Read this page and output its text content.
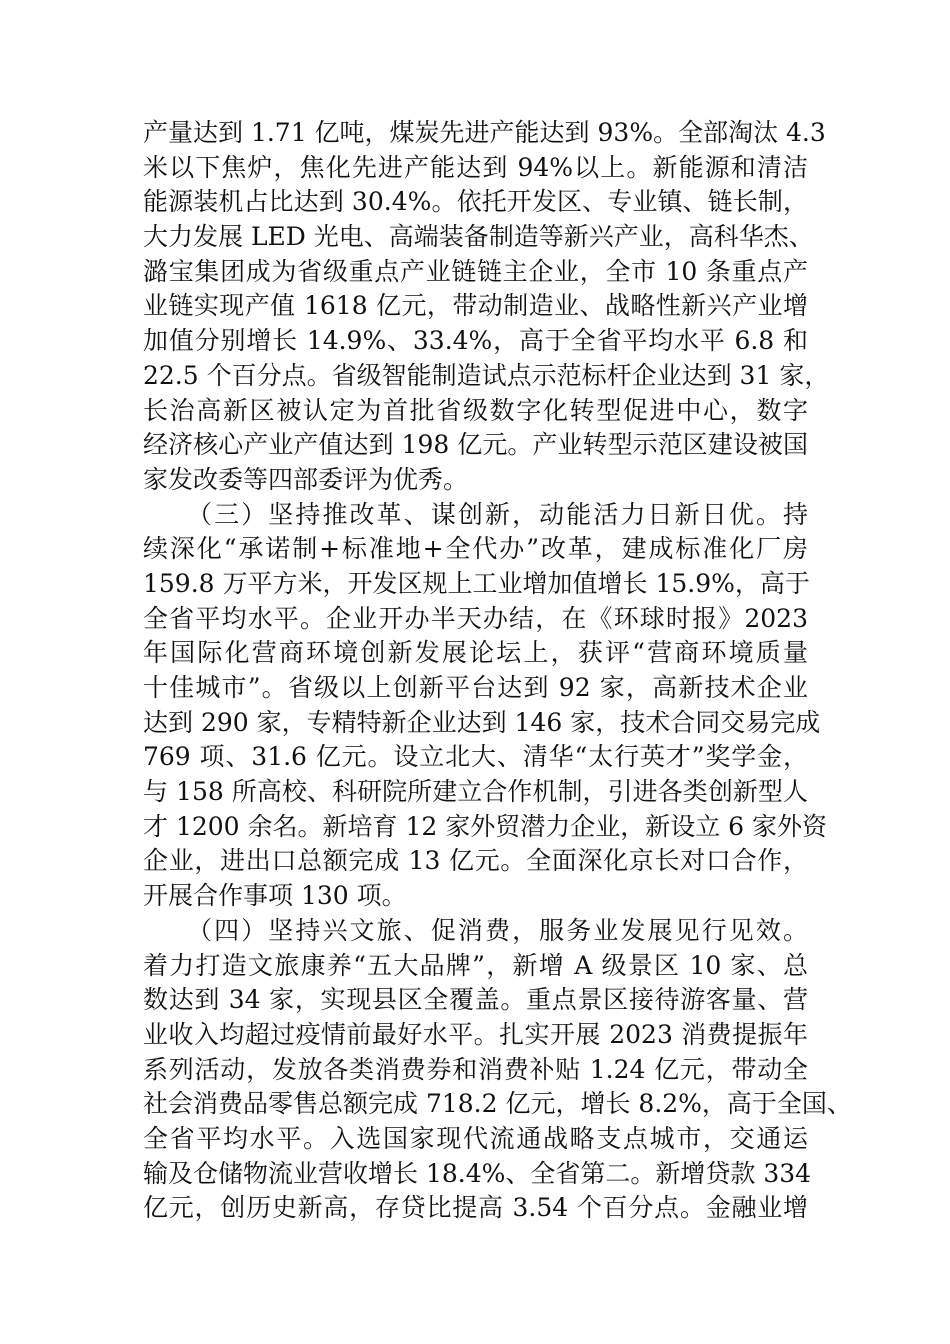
产量达到 1.71 亿吨，煤炭先进产能达到 93%。全部淘汰 4.3
米以下焦炉，焦化先进产能达到 94%以上。新能源和清洁
能源装机占比达到 30.4%。依托开发区、专业镇、链长制，
大力发展 LED 光电、高端装备制造等新兴产业，高科华杰、
潞宝集团成为省级重点产业链链主企业，全市 10 条重点产
业链实现产值 1618 亿元，带动制造业、战略性新兴产业增
加值分别增长 14.9%、33.4%，高于全省平均水平 6.8 和
22.5 个百分点。省级智能制造试点示范标杆企业达到 31 家，
长治高新区被认定为首批省级数字化转型促进中心，数字
经济核心产业产值达到 198 亿元。产业转型示范区建设被国
家发改委等四部委评为优秀。
（三）坚持推改革、谋创新，动能活力日新日优。持
续深化“承诺制+标准地+全代办”改革，建成标准化厂房
159.8 万平方米，开发区规上工业增加值增长 15.9%，高于
全省平均水平。企业开办半天办结，在《环球时报》2023
年国际化营商环境创新发展论坛上，获评“营商环境质量
十佳城市”。省级以上创新平台达到 92 家，高新技术企业
达到 290 家，专精特新企业达到 146 家，技术合同交易完成
769 项、31.6 亿元。设立北大、清华“太行英才”奖学金，
与 158 所高校、科研院所建立合作机制，引进各类创新型人
才 1200 余名。新培育 12 家外贸潜力企业，新设立 6 家外资
企业，进出口总额完成 13 亿元。全面深化京长对口合作，
开展合作事项 130 项。
（四）坚持兴文旅、促消费，服务业发展见行见效。
着力打造文旅康养“五大品牌”，新增 A 级景区 10 家、总
数达到 34 家，实现县区全覆盖。重点景区接待游客量、营
业收入均超过疫情前最好水平。扎实开展 2023 消费提振年
系列活动，发放各类消费券和消费补贴 1.24 亿元，带动全
社会消费品零售总额完成 718.2 亿元，增长 8.2%，高于全国、
全省平均水平。入选国家现代流通战略支点城市，交通运
输及仓储物流业营收增长 18.4%、全省第二。新增贷款 334
亿元，创历史新高，存贷比提高 3.54 个百分点。金融业增
